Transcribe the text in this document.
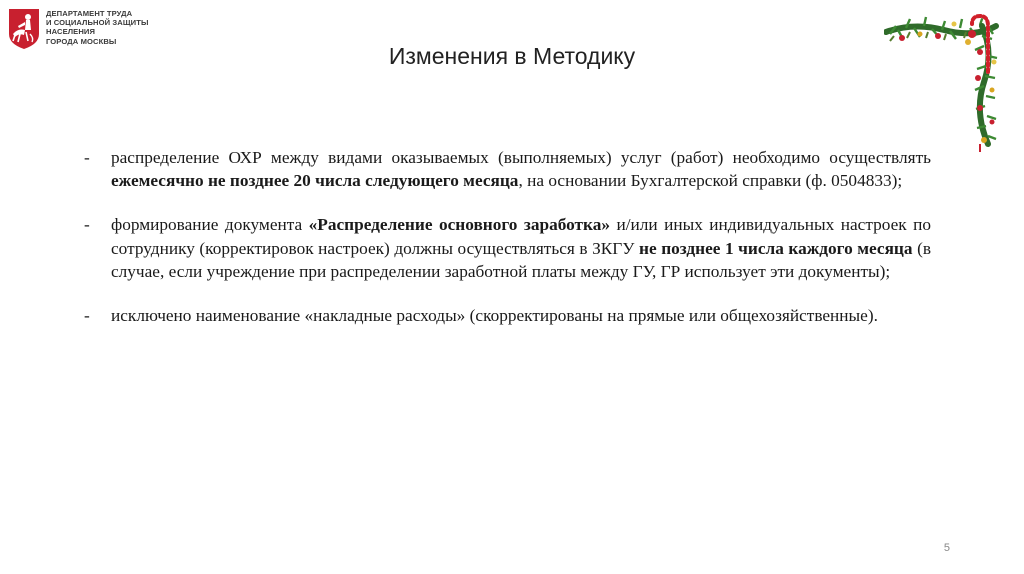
ДЕПАРТАМЕНТ ТРУДА
И СОЦИАЛЬНОЙ ЗАЩИТЫ
НАСЕЛЕНИЯ
ГОРОДА МОСКВЫ
Изменения в Методику
-	распределение ОХР между видами оказываемых (выполняемых) услуг (работ) необходимо осуществлять ежемесячно не позднее 20 числа следующего месяца, на основании Бухгалтерской справки (ф. 0504833);
-	формирование документа «Распределение основного заработка» и/или иных индивидуальных настроек по сотруднику (корректировок настроек) должны осуществляться в ЗКГУ не позднее 1 числа каждого месяца (в случае, если учреждение при распределении заработной платы между ГУ, ГР использует эти документы);
-	исключено наименование «накладные расходы» (скорректированы на прямые или общехозяйственные).
5
